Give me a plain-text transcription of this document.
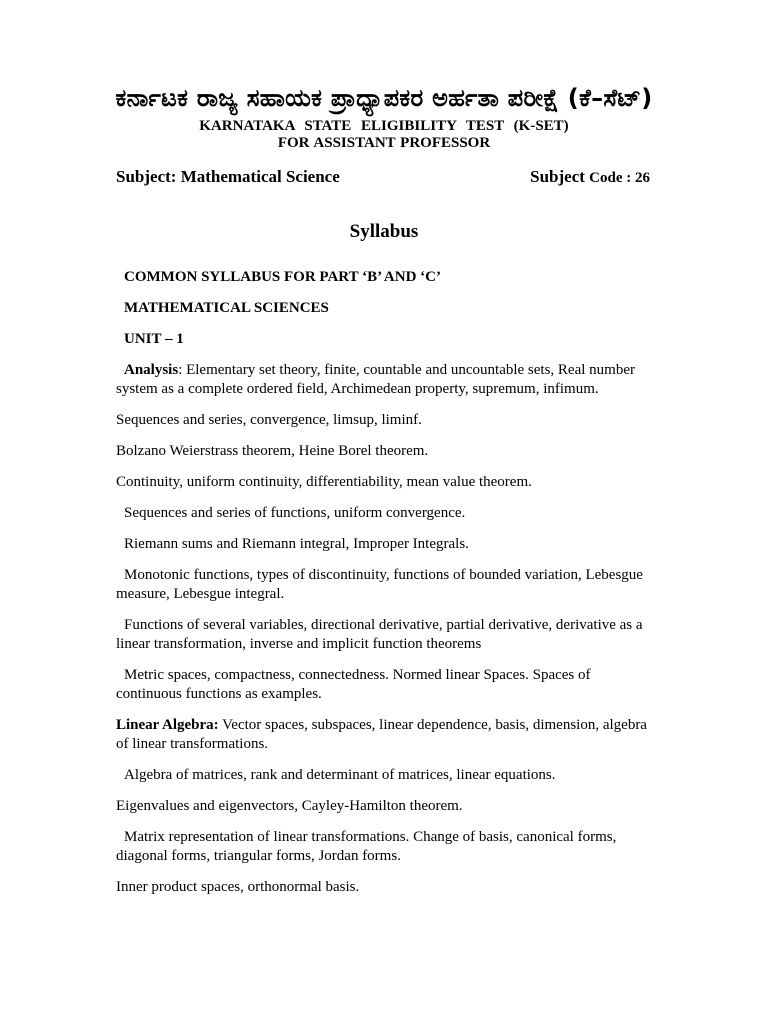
ಕರ್ನಾಟಕ ರಾಜ್ಯ ಸಹಾಯಕ ಪ್ರಾಧ್ಯಾಪಕರ ಅರ್ಹತಾ ಪರೀಕ್ಷೆ (ಕೆ–ಸೆಟ್)
KARNATAKA STATE ELIGIBILITY TEST (K-SET)
FOR ASSISTANT PROFESSOR
Subject: Mathematical Science	Subject Code : 26
Syllabus

COMMON SYLLABUS FOR PART ‘B’ AND ‘C’

MATHEMATICAL SCIENCES

UNIT – 1

Analysis: Elementary set theory, finite, countable and uncountable sets, Real number system as a complete ordered field, Archimedean property, supremum, infimum.

Sequences and series, convergence, limsup, liminf.

Bolzano Weierstrass theorem, Heine Borel theorem.

Continuity, uniform continuity, differentiability, mean value theorem.

Sequences and series of functions, uniform convergence.

Riemann sums and Riemann integral, Improper Integrals.

Monotonic functions, types of discontinuity, functions of bounded variation, Lebesgue measure, Lebesgue integral.

Functions of several variables, directional derivative, partial derivative, derivative as a linear transformation, inverse and implicit function theorems

Metric spaces, compactness, connectedness. Normed linear Spaces. Spaces of continuous functions as examples.

Linear Algebra: Vector spaces, subspaces, linear dependence, basis, dimension, algebra of linear transformations.

Algebra of matrices, rank and determinant of matrices, linear equations.

Eigenvalues and eigenvectors, Cayley-Hamilton theorem.

Matrix representation of linear transformations. Change of basis, canonical forms, diagonal forms, triangular forms, Jordan forms.

Inner product spaces, orthonormal basis.
